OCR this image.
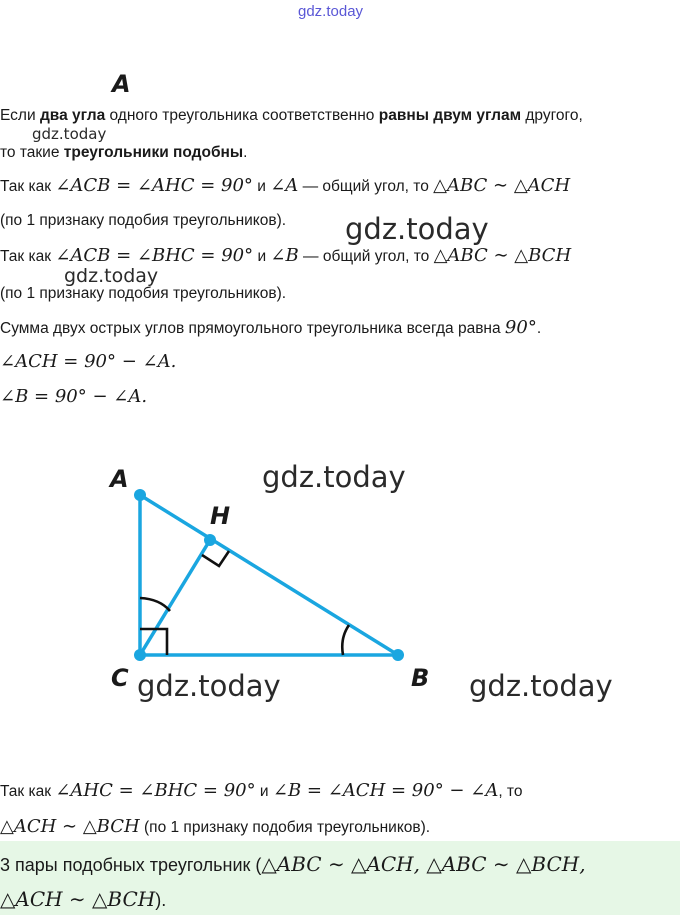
gdz.today
А
Если два угла одного треугольника соответственно равны двум углам другого,
gdz.today
то такие треугольники подобны.
Так как ∠ACB = ∠AHC = 90° и ∠A — общий угол, то △ABC ∼ △ACH
(по 1 признаку подобия треугольников). gdz.today
Так как ∠ACB = ∠BHC = 90° и ∠B — общий угол, то △ABC ∼ △BCH
gdz.today
(по 1 признаку подобия треугольников).
Сумма двух острых углов прямоугольного треугольника всегда равна 90°.
∠ACH = 90° − ∠A.
∠B = 90° − ∠A.
A
H
C	B
gdz.today
gdz.today	gdz.today
Так как ∠AHC = ∠BHC = 90° и ∠B = ∠ACH = 90° − ∠A, то
△ACH ∼ △BCH (по 1 признаку подобия треугольников).
3 пары подобных треугольник (△ABC ∼ △ACH, △ABC ∼ △BCH,
△ACH ∼ △BCH).
